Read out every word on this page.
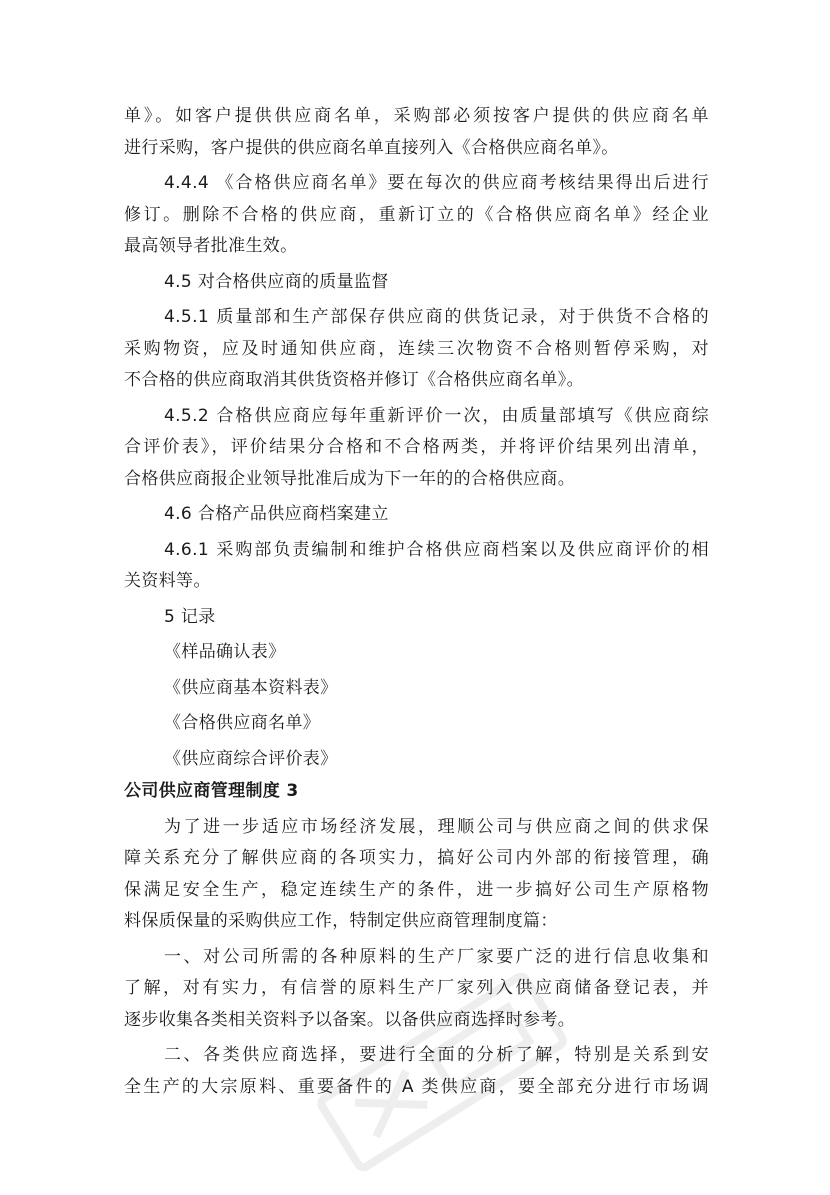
单》。如客户提供供应商名单，采购部必须按客户提供的供应商名单

进行采购，客户提供的供应商名单直接列入《合格供应商名单》。

4.4.4 《合格供应商名单》要在每次的供应商考核结果得出后进行

修订。删除不合格的供应商，重新订立的《合格供应商名单》经企业

最高领导者批准生效。

4.5 对合格供应商的质量监督

4.5.1 质量部和生产部保存供应商的供货记录，对于供货不合格的

采购物资，应及时通知供应商，连续三次物资不合格则暂停采购，对

不合格的供应商取消其供货资格并修订《合格供应商名单》。

4.5.2 合格供应商应每年重新评价一次，由质量部填写《供应商综

合评价表》，评价结果分合格和不合格两类，并将评价结果列出清单，

合格供应商报企业领导批准后成为下一年的的合格供应商。

4.6 合格产品供应商档案建立

4.6.1 采购部负责编制和维护合格供应商档案以及供应商评价的相

关资料等。

5 记录

《样品确认表》

《供应商基本资料表》

《合格供应商名单》

《供应商综合评价表》

公司供应商管理制度 3

为了进一步适应市场经济发展，理顺公司与供应商之间的供求保

障关系充分了解供应商的各项实力，搞好公司内外部的衔接管理，确

保满足安全生产，稳定连续生产的条件，进一步搞好公司生产原格物

料保质保量的采购供应工作，特制定供应商管理制度篇：

一、对公司所需的各种原料的生产厂家要广泛的进行信息收集和

了解，对有实力，有信誉的原料生产厂家列入供应商储备登记表，并

逐步收集各类相关资料予以备案。以备供应商选择时参考。

二、各类供应商选择，要进行全面的分析了解，特别是关系到安

全生产的大宗原料、重要备件的 A 类供应商，要全部充分进行市场调
